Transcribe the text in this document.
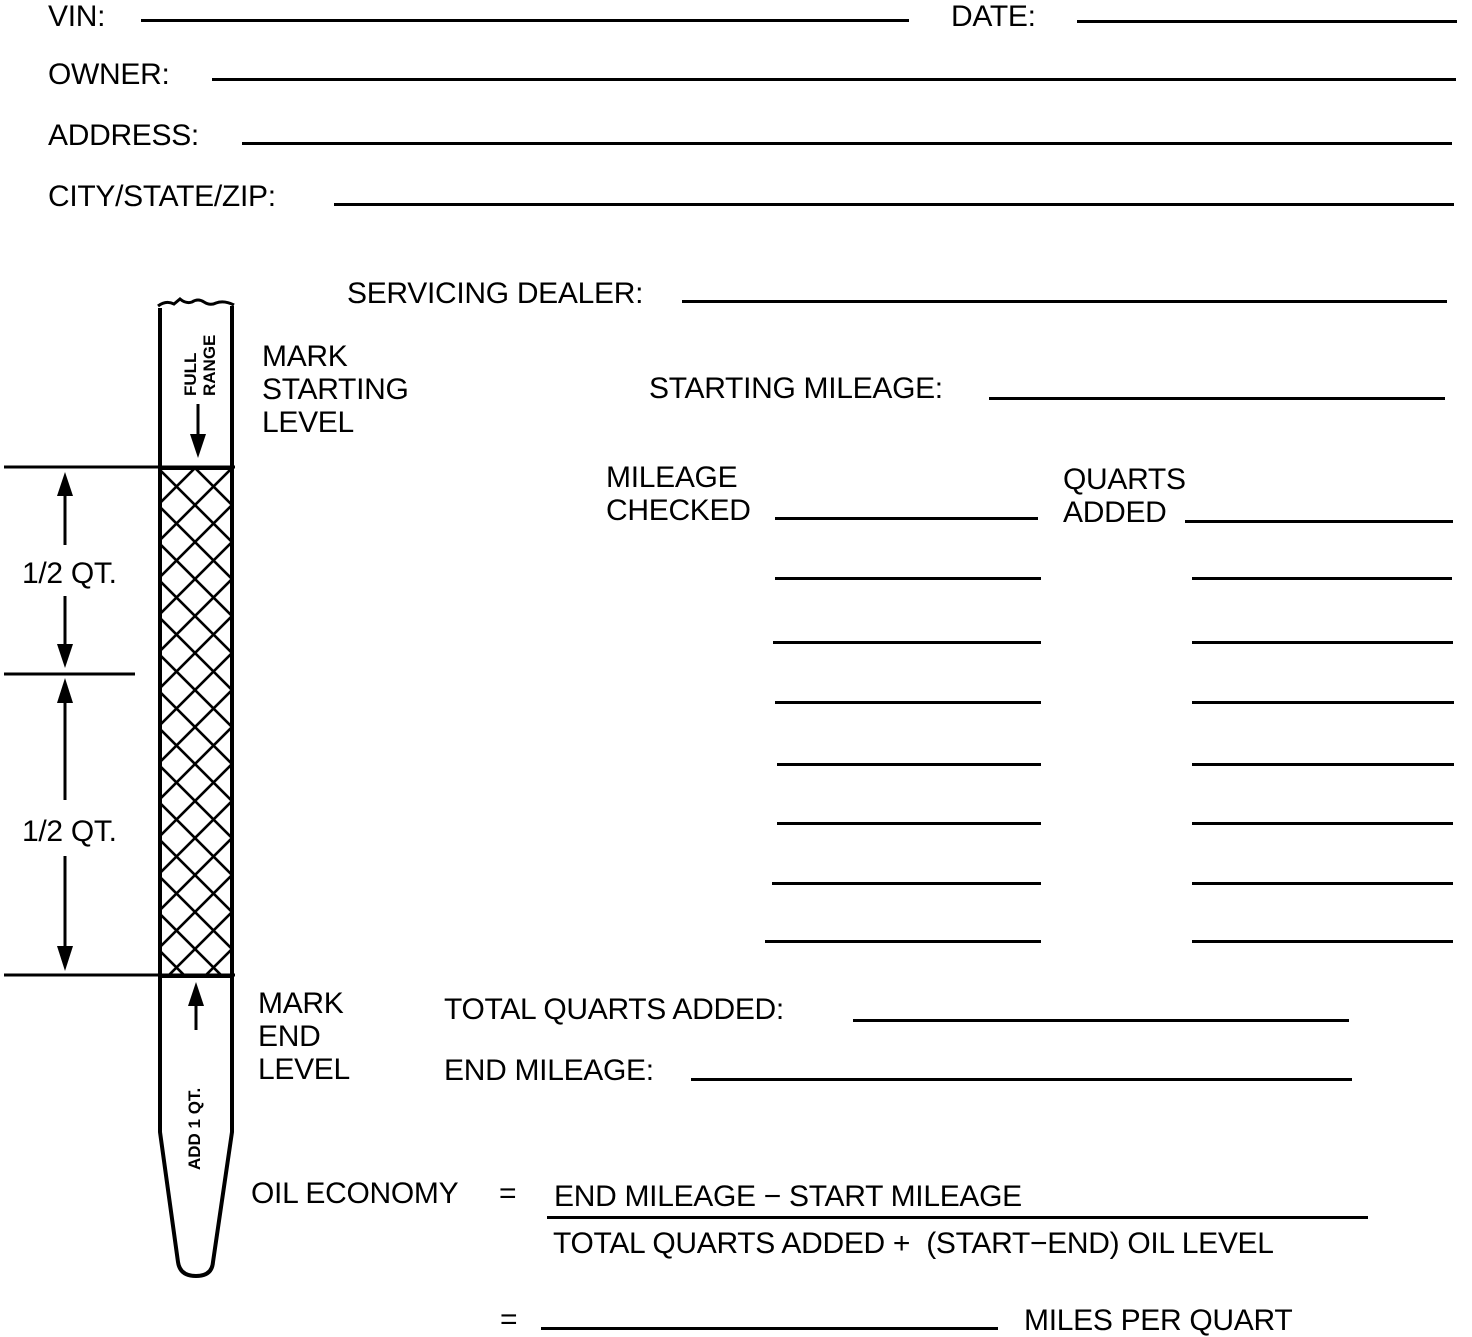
VIN:	DATE:
OWNER:
ADDRESS:
CITY/STATE/ZIP:
SERVICING DEALER:
MARK
STARTING
LEVEL
MARK
END
LEVEL
1/2 QT.
1/2 QT.
FULL RANGE
ADD 1 QT.
STARTING MILEAGE:
MILEAGE
CHECKED
QUARTS
ADDED
TOTAL QUARTS ADDED:
END MILEAGE:
OIL ECONOMY = END MILEAGE − START MILEAGE
TOTAL QUARTS ADDED +  (START−END) OIL LEVEL
=	MILES PER QUART
